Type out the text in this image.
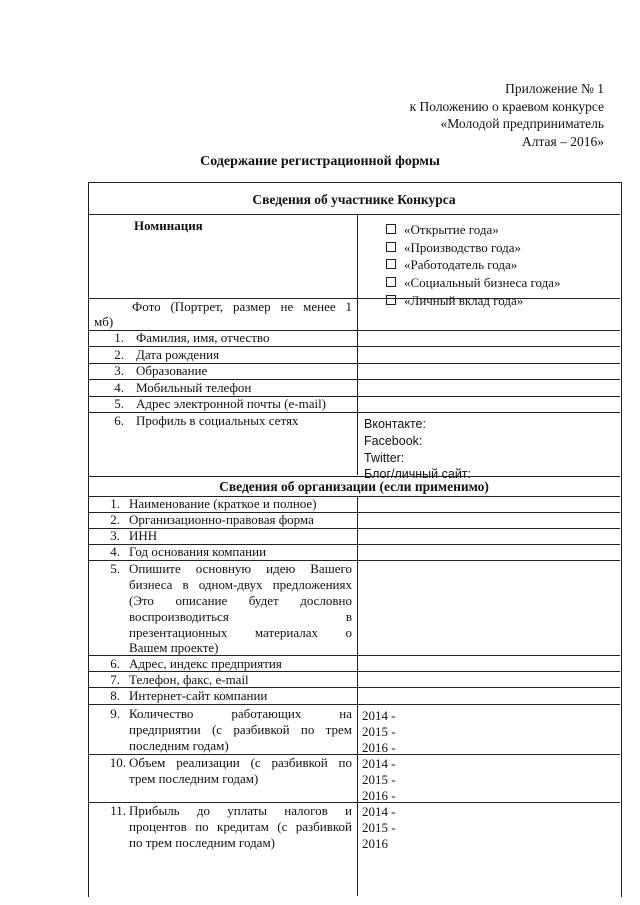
Приложение № 1
к Положению о краевом конкурсе
«Молодой предприниматель
Алтая – 2016»
Содержание регистрационной формы
Сведения об участнике Конкурса
Номинация	«Открытие года»
«Производство года»
«Работодатель года»
«Социальный бизнеса года»
«Личный вклад года»
Фото (Портрет, размер не менее 1
мб)
1. Фамилия, имя, отчество
2. Дата рождения
3. Образование
4. Мобильный телефон
5. Адрес электронной почты (e-mail)
6. Профиль в социальных сетях	Вконтакте:
Facebook:
Twitter:
Блог/личный сайт:
Сведения об организации (если применимо)
1. Наименование (краткое и полное)
2. Организационно-правовая форма
3. ИНН
4. Год основания компании
5. Опишите основную идею Вашего
бизнеса в одном-двух предложениях
(Это описание будет дословно
воспроизводиться в
презентационных материалах о
Вашем проекте)
6. Адрес, индекс предприятия
7. Телефон, факс, e-mail
8. Интернет-сайт компании
9. Количество работающих на
предприятии (с разбивкой по трем
последним годам)
2014 -
2015 -
2016 -
10. Объем реализации (с разбивкой по
трем последним годам)
2014 -
2015 -
2016 -
11. Прибыль до уплаты налогов и
процентов по кредитам (с разбивкой
по трем последним годам)
2014 -
2015 -
2016
